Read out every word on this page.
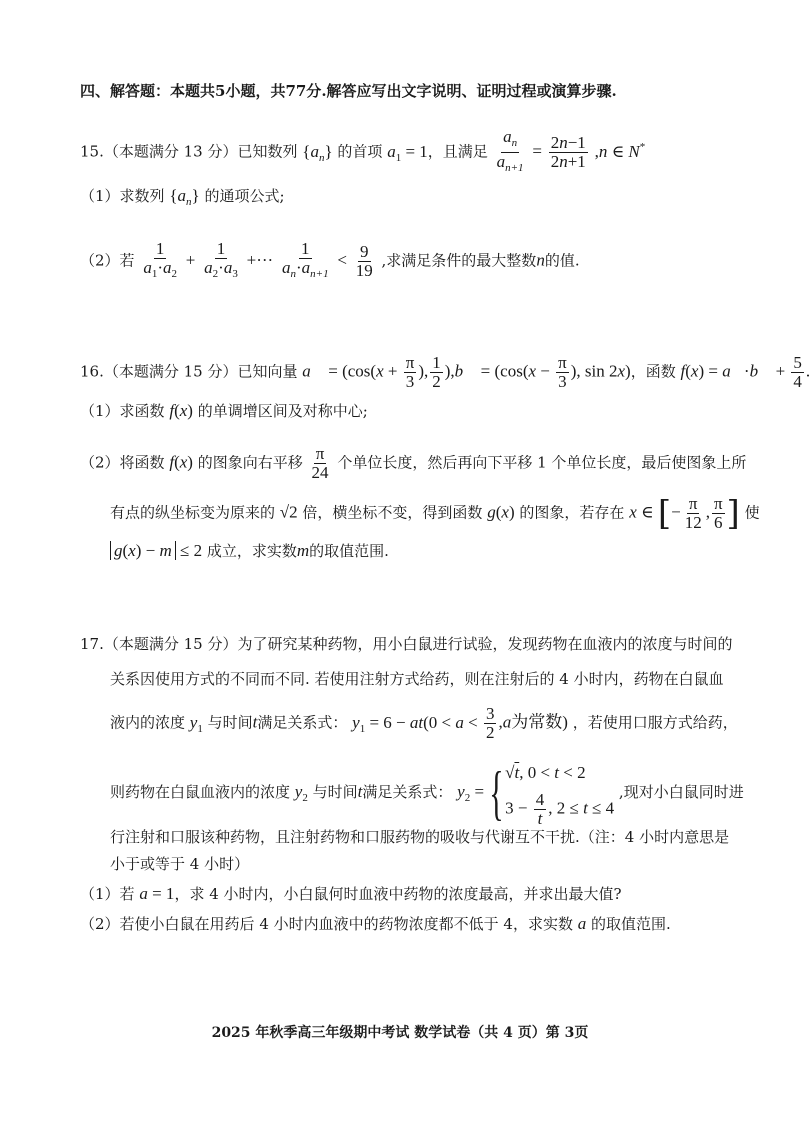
四、解答题：本题共5小题，共77分.解答应写出文字说明、证明过程或演算步骤.
15.（本题满分 13 分）已知数列 $\{a_n\}$ 的首项 $a_1 = 1$，且满足 $\frac{a_n}{a_{n+1}} = \frac{2n-1}{2n+1} ,n$ ∈ N*
（1）求数列 $\{a_n\}$ 的通项公式;
（2）若 $\frac{1}{a_1\cdot a_2} + \frac{1}{a_2\cdot a_3}$ +··· $\frac{1}{a_n\cdot a_{n+1}} < \frac{9}{19}$ ,求满足条件的最大整数n的值.
16.（本题满分 15 分）已知向量 a⃗ = ($\cos(x + \frac{\pi}{3}$ ), $\frac{1}{2}$ ),b⃗ = ($\cos(x - \frac{\pi}{3}$ ), sin 2x)，函数 f(x) = a⃗·b⃗ + $\frac{5}{4}$ .
（1）求函数 f(x) 的单调增区间及对称中心;
（2）将函数 f(x) 的图象向右平移 $\frac{\pi}{24}$ 个单位长度，然后再向下平移 1 个单位长度，最后使图象上所
有点的纵坐标变为原来的 √2 倍，横坐标不变，得到函数 g(x) 的图象，若存在 x ∈ [− $\frac{\pi}{12}$ , $\frac{\pi}{6}$ ] 使
g(x) − m ≤ 2 成立，求实数m的取值范围.
17.（本题满分 15 分）为了研究某种药物，用小白鼠进行试验，发现药物在血液内的浓度与时间的
关系因使用方式的不同而不同. 若使用注射方式给药，则在注射后的 4 小时内，药物在白鼠血
液内的浓度 $y_1$ 与时间t满足关系式： $y_1 = 6 - at(0 < a < \frac{3}{2} ,a$为常数) ，若使用口服方式给药，
则药物在白鼠血液内的浓度 $y_2$ 与时间t满足关系式： $y_2$ = { √t, 0 < t < 2
$3 - \frac{4}{t}$ , 2 ≤ t ≤ 4
,现对小白鼠同时进
行注射和口服该种药物，且注射药物和口服药物的吸收与代谢互不干扰.（注：4 小时内意思是
小于或等于 4 小时）
（1）若 a = 1，求 4 小时内，小白鼠何时血液中药物的浓度最高，并求出最大值?
（2）若使小白鼠在用药后 4 小时内血液中的药物浓度都不低于 4，求实数 a 的取值范围.
2025 年秋季高三年级期中考试 数学试卷（共 4 页）第 3页
